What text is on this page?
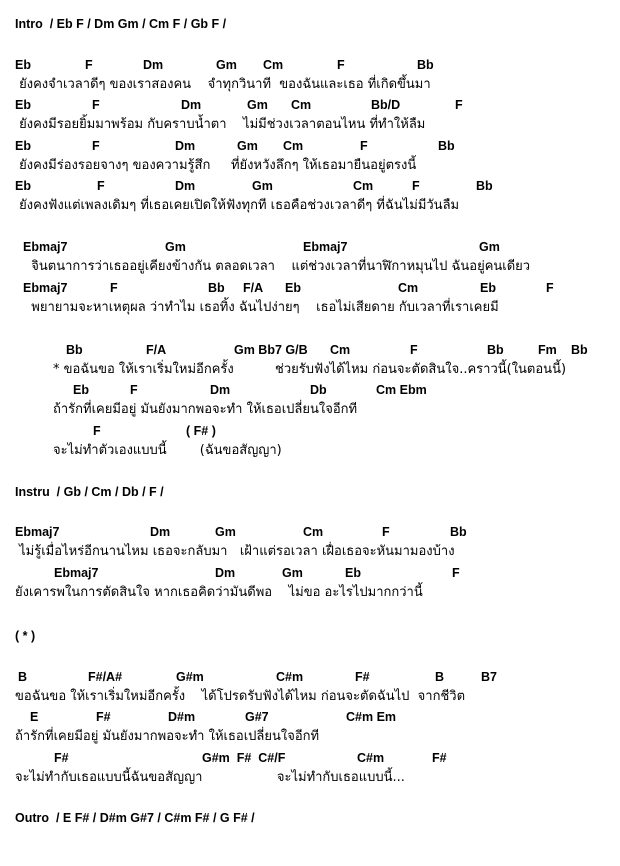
Intro  / Eb F / Dm Gm / Cm F / Gb F /

Eb	F	Dm	Gm Cm	F	Bb
ยังคงจำเวลาดีๆ ของเราสองคน    จำทุกวินาที  ของฉันและเธอ ที่เกิดขึ้นมา
Eb	F	Dm	Gm Cm	Bb/D	F
ยังคงมีรอยยิ้มมาพร้อม กับคราบน้ำตา    ไม่มีช่วงเวลาตอนไหน ที่ทำให้ลืม
Eb	F	Dm	Gm Cm	F	Bb
ยังคงมีร่องรอยจางๆ ของความรู้สึก     ที่ยังหวังลึกๆ ให้เธอมายืนอยู่ตรงนี้
Eb	F	Dm	Gm	Cm	F	Bb
ยังคงฟังแต่เพลงเดิมๆ ที่เธอเคยเปิดให้ฟังทุกที เธอคือช่วงเวลาดีๆ ที่ฉันไม่มีวันลืม
Ebmaj7	Gm	Ebmaj7	Gm
จินตนาการว่าเธออยู่เคียงข้างกัน ตลอดเวลา    แต่ช่วงเวลาที่นาฬิกาหมุนไป ฉันอยู่คนเดียว
Ebmaj7	F	Bb F/A Eb	Cm	Eb	F
พยายามจะหาเหตุผล ว่าทำไม เธอทิ้ง ฉันไปง่ายๆ    เธอไม่เสียดาย กับเวลาที่เราเคยมี
Bb	F/A	Gm Bb7 G/B Cm	F	Bb	Fm Bb
* ขอฉันขอ ให้เราเริ่มใหม่อีกครั้ง          ช่วยรับฟังได้ไหม ก่อนจะตัดสินใจ..คราวนี้(ในตอนนี้)
Eb	F	Dm	Db	Cm Ebm
ถ้ารักที่เคยมีอยู่ มันยังมากพอจะทำ ให้เธอเปลี่ยนใจอีกที
F	( F# )
จะไม่ทำตัวเองแบบนี้        (ฉันขอสัญญา)

Instru  / Gb / Cm / Db / F /

Ebmaj7	Dm	Gm	Cm	F	Bb
ไม่รู้เมื่อไหร่อีกนานไหม เธอจะกลับมา   เฝ้าแต่รอเวลา เฝื่อเธอจะหันมามองบ้าง
Ebmaj7	Dm	Gm	Eb	F
ยังเคารพในการตัดสินใจ หากเธอคิดว่ามันดีพอ    ไม่ขอ อะไรไปมากกว่านี้

( * )

B	F#/A#	G#m	C#m	F#	B	B7
ขอฉันขอ ให้เราเริ่มใหม่อีกครั้ง    ได้โปรดรับฟังได้ไหม ก่อนจะตัดฉันไป  จากชีวิต
E	F#	D#m	G#7	C#m Em
ถ้ารักที่เคยมีอยู่ มันยังมากพอจะทำ ให้เธอเปลี่ยนใจอีกที
F#	G#m  F#  C#/F	C#m	F#
จะไม่ทำกับเธอแบบนี้ฉันขอสัญญา                  จะไม่ทำกับเธอแบบนี้...

Outro  / E F# / D#m G#7 / C#m F# / G F# /
